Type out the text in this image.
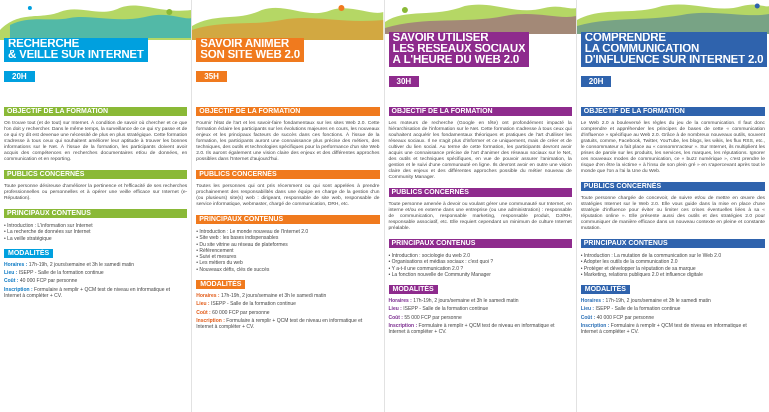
RECHERCHE
& VEILLE SUR INTERNET

20H
OBJECTIF DE LA FORMATION

On trouve tout (et de tout) sur Internet. À condition de savoir où chercher et ce que l'on doit y rechercher. Dans le même temps, la surveillance de ce qui s'y passe et de ce qui s'y dit est devenue une nécessité de plus en plus stratégique. Cette formation s'adresse à tous ceux qui souhaitent améliorer leur aptitude à trouver les bonnes informations sur le Net. À l'issue de la formation, les participants doivent avoir acquis des compétences en recherches documentaires et/ou de données, en communication et en reporting.

PUBLICS CONCERNÉS

Toute personne désireuse d'améliorer la pertinence et l'efficacité de ses recherches professionnelles ou personnelles et à opérer une veille efficace sur Internet (e-Réputation).

PRINCIPAUX CONTENUS
• Introduction : L'information sur Internet
• La recherche de données sur Internet
• La veille stratégique
MODALITÉS

Horaires : 17h-19h, 2 jours/semaine et 3h le samedi matin

Lieu : ISEPP - Salle de la formation continue

Coût : 40 000 FCP par personne

Inscription : Formulaire à remplir + QCM test de niveau en informatique et Internet à compléter + CV.

SAVOIR ANIMER
SON SITE WEB 2.0

35H
OBJECTIF DE LA FORMATION

Fournir l'état de l'art et les savoir-faire fondamentaux sur les sites Web 2.0. Cette formation éclaire les participants sur les évolutions majeures en cours, les nouveaux enjeux et les principaux facteurs de succès dans ces fonctions. À l'issue de la formation, les participants auront une connaissance plus précise des métiers, des techniques, des outils et technologies spécifiques pour la performance d'un site Web 2.0. Ils auront également une vision claire des enjeux et des différentes approches possibles dans l'Internet d'aujourd'hui.

PUBLICS CONCERNÉS

Toutes les personnes qui ont pris récemment ou qui sont appelées à prendre prochainement des responsabilités dans une équipe en charge de la gestion d'un (ou plusieurs) site(s) web : dirigeant, responsable de site web, responsable de service informatique, webmaster, chargé de communication, DRH, etc.

PRINCIPAUX CONTENUS
• Introduction : Le monde nouveau de l'Internet 2.0
• Site web : les bases indispensables
• Du site vitrine au réseau de plateformes
• Référencement
• Suivi et mesures
• Les métiers du web
• Nouveaux défis, clés de succès
MODALITÉS

Horaires : 17h-19h, 2 jours/semaine et 3h le samedi matin

Lieu : ISEPP - Salle de la formation continue

Coût : 60 000 FCP par personne

Inscription : Formulaire à remplir + QCM test de niveau en informatique et Internet à compléter + CV.

SAVOIR UTILISER
LES RÉSEAUX SOCIAUX
À L'HEURE DU WEB 2.0

30H
OBJECTIF DE LA FORMATION

Les moteurs de recherche (Google en tête) ont profondément impacté la hiérarchisation de l'information sur le Net. Cette formation s'adresse à tous ceux qui souhaitent acquérir les fondamentaux théoriques et pratiques de l'art d'utiliser les réseaux sociaux. Il ne s'agit plus d'informer et ce uniquement, mais de créer et de cultiver du lien social. Au terme de cette formation, les participants devront avoir acquis une connaissance précise de l'art d'animer des réseaux sociaux sur le Net, des outils et techniques spécifiques, en vue de pouvoir assurer l'animation, la gestion et le suivi d'une communauté en ligne. Ils devront avoir en outre une vision claire des enjeux et des différentes approches possible du métier nouveau de Community Manager.

PUBLICS CONCERNÉS

Toute personne amenée à devoir ou voulant gérer une communauté sur Internet, en interne et/ou en externe dans une entreprise (ou une administration) : responsable de communication, responsable marketing, responsable produit, DJ/RH, responsable associatif, etc. Elle requiert cependant un minimum de culture Internet préalable.

PRINCIPAUX CONTENUS
• Introduction : sociologie du web 2.0
• Organisations et médias sociaux : c'est quoi ?
• Y a-t-il une communication 2.0 ?
• La fonction nouvelle de Community Manager
MODALITÉS

Horaires : 17h-19h, 2 jours/semaine et 3h le samedi matin

Lieu : ISEPP - Salle de la formation continue

Coût : 55 000 FCP par personne

Inscription : Formulaire à remplir + QCM test de niveau en informatique et Internet à compléter + CV.

COMPRENDRE
LA COMMUNICATION
D'INFLUENCE SUR INTERNET 2.0

20H
OBJECTIF DE LA FORMATION

Le Web 2.0 a bouleversé les règles du jeu de la communication. Il faut donc comprendre et appréhender les principes de bases de cette « communication d'influence » spécifique au Web 2.0. Grâce à de nombreux nouveaux outils, souvent gratuits, comme, Facebook, Twitter, YouTube, les blogs, les wikis, les flux RSS, etc., le consommateur a fait place au « consomm'acteur ». Sur Internet, ils multiplient les prises de parole sur les produits, les services, les marques, les réputations. Ignorer ces nouveaux modes de communication, ce « buzz numérique », c'est prendre le risque d'en être la victime « à l'insu de son plein gré » en s'apercevant après tout le monde que l'on a l'ai la Une du Web.

PUBLICS CONCERNÉS

Toute personne chargée de concevoir, de suivre et/ou de mettre en œuvre des stratégies Internet sur le Web 2.0. Elle vous guide dans la mise en place d'une stratégie d'influence pour éviter ou limiter ces crises éventuelles liées à sa « réputation online ». Elle présente aussi des outils et des stratégies 2.0 pour communiquer de manière efficace dans un nouveau contexte en pleine et constante mutation.

PRINCIPAUX CONTENUS
• Introduction : La mutation de la communication sur le Web 2.0
• Adopter les outils de la communication 2.0
• Protéger et développer la réputation de sa marque
• Marketing, relations publiques 2.0 et influence digitale
MODALITÉS

Horaires : 17h-19h, 2 jours/semaine et 3h le samedi matin

Lieu : ISEPP - Salle de la formation continue

Coût : 40 000 FCP par personne

Inscription : Formulaire à remplir + QCM test de niveau en informatique et Internet à compléter + CV.
